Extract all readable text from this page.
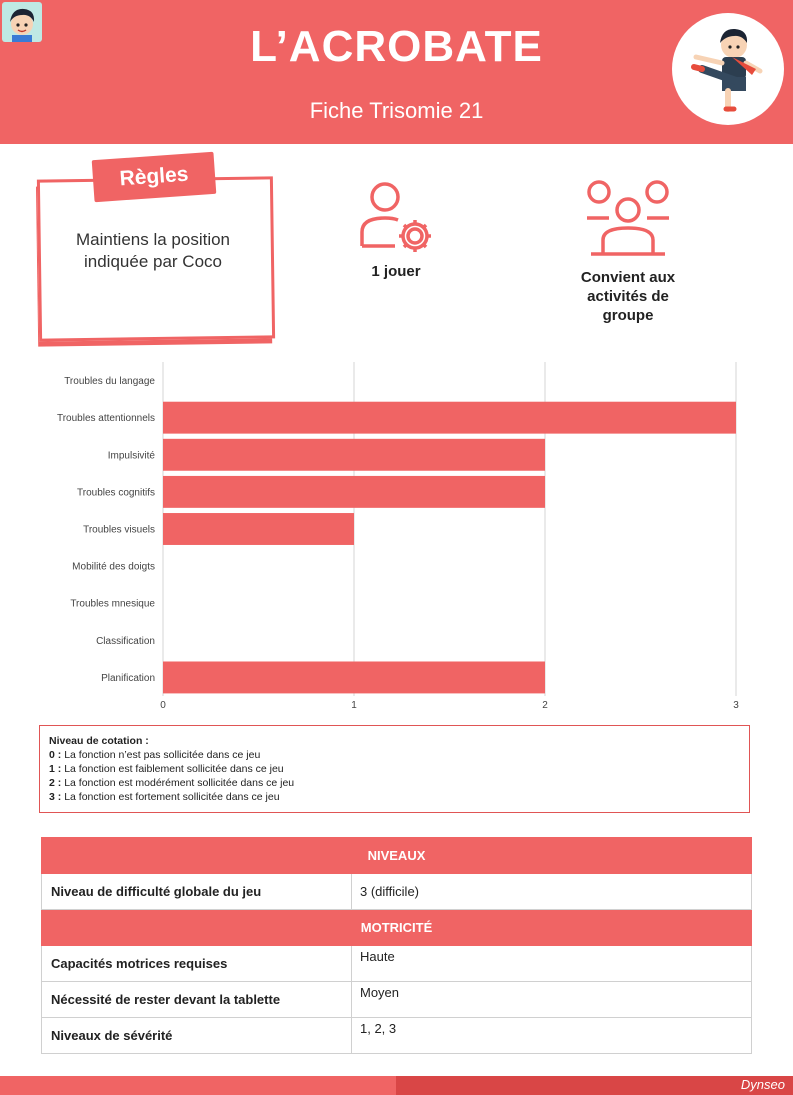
L’ACROBATE
Fiche Trisomie 21
Règles
Maintiens la position indiquée par Coco
1 jouer	Convient aux activités de groupe
0	1	2	3
Troubles du langage
Troubles attentionnels
Impulsivité
Troubles cognitifs
Troubles visuels
Mobilité des doigts
Troubles mnesique
Classification
Planification
Niveau de cotation :
0 : La fonction n’est pas sollicitée dans ce jeu
1 : La fonction est faiblement sollicitée dans ce jeu
2 : La fonction est modérément sollicitée dans ce jeu
3 : La fonction est fortement sollicitée dans ce jeu
NIVEAUX	
Niveau de difficulté globale du jeu	3 (difficile)
MOTRICITÉ	
Capacités motrices requises	Haute
Nécessité de rester devant la tablette	Moyen
Niveaux de sévérité	1, 2, 3
Dynseo
